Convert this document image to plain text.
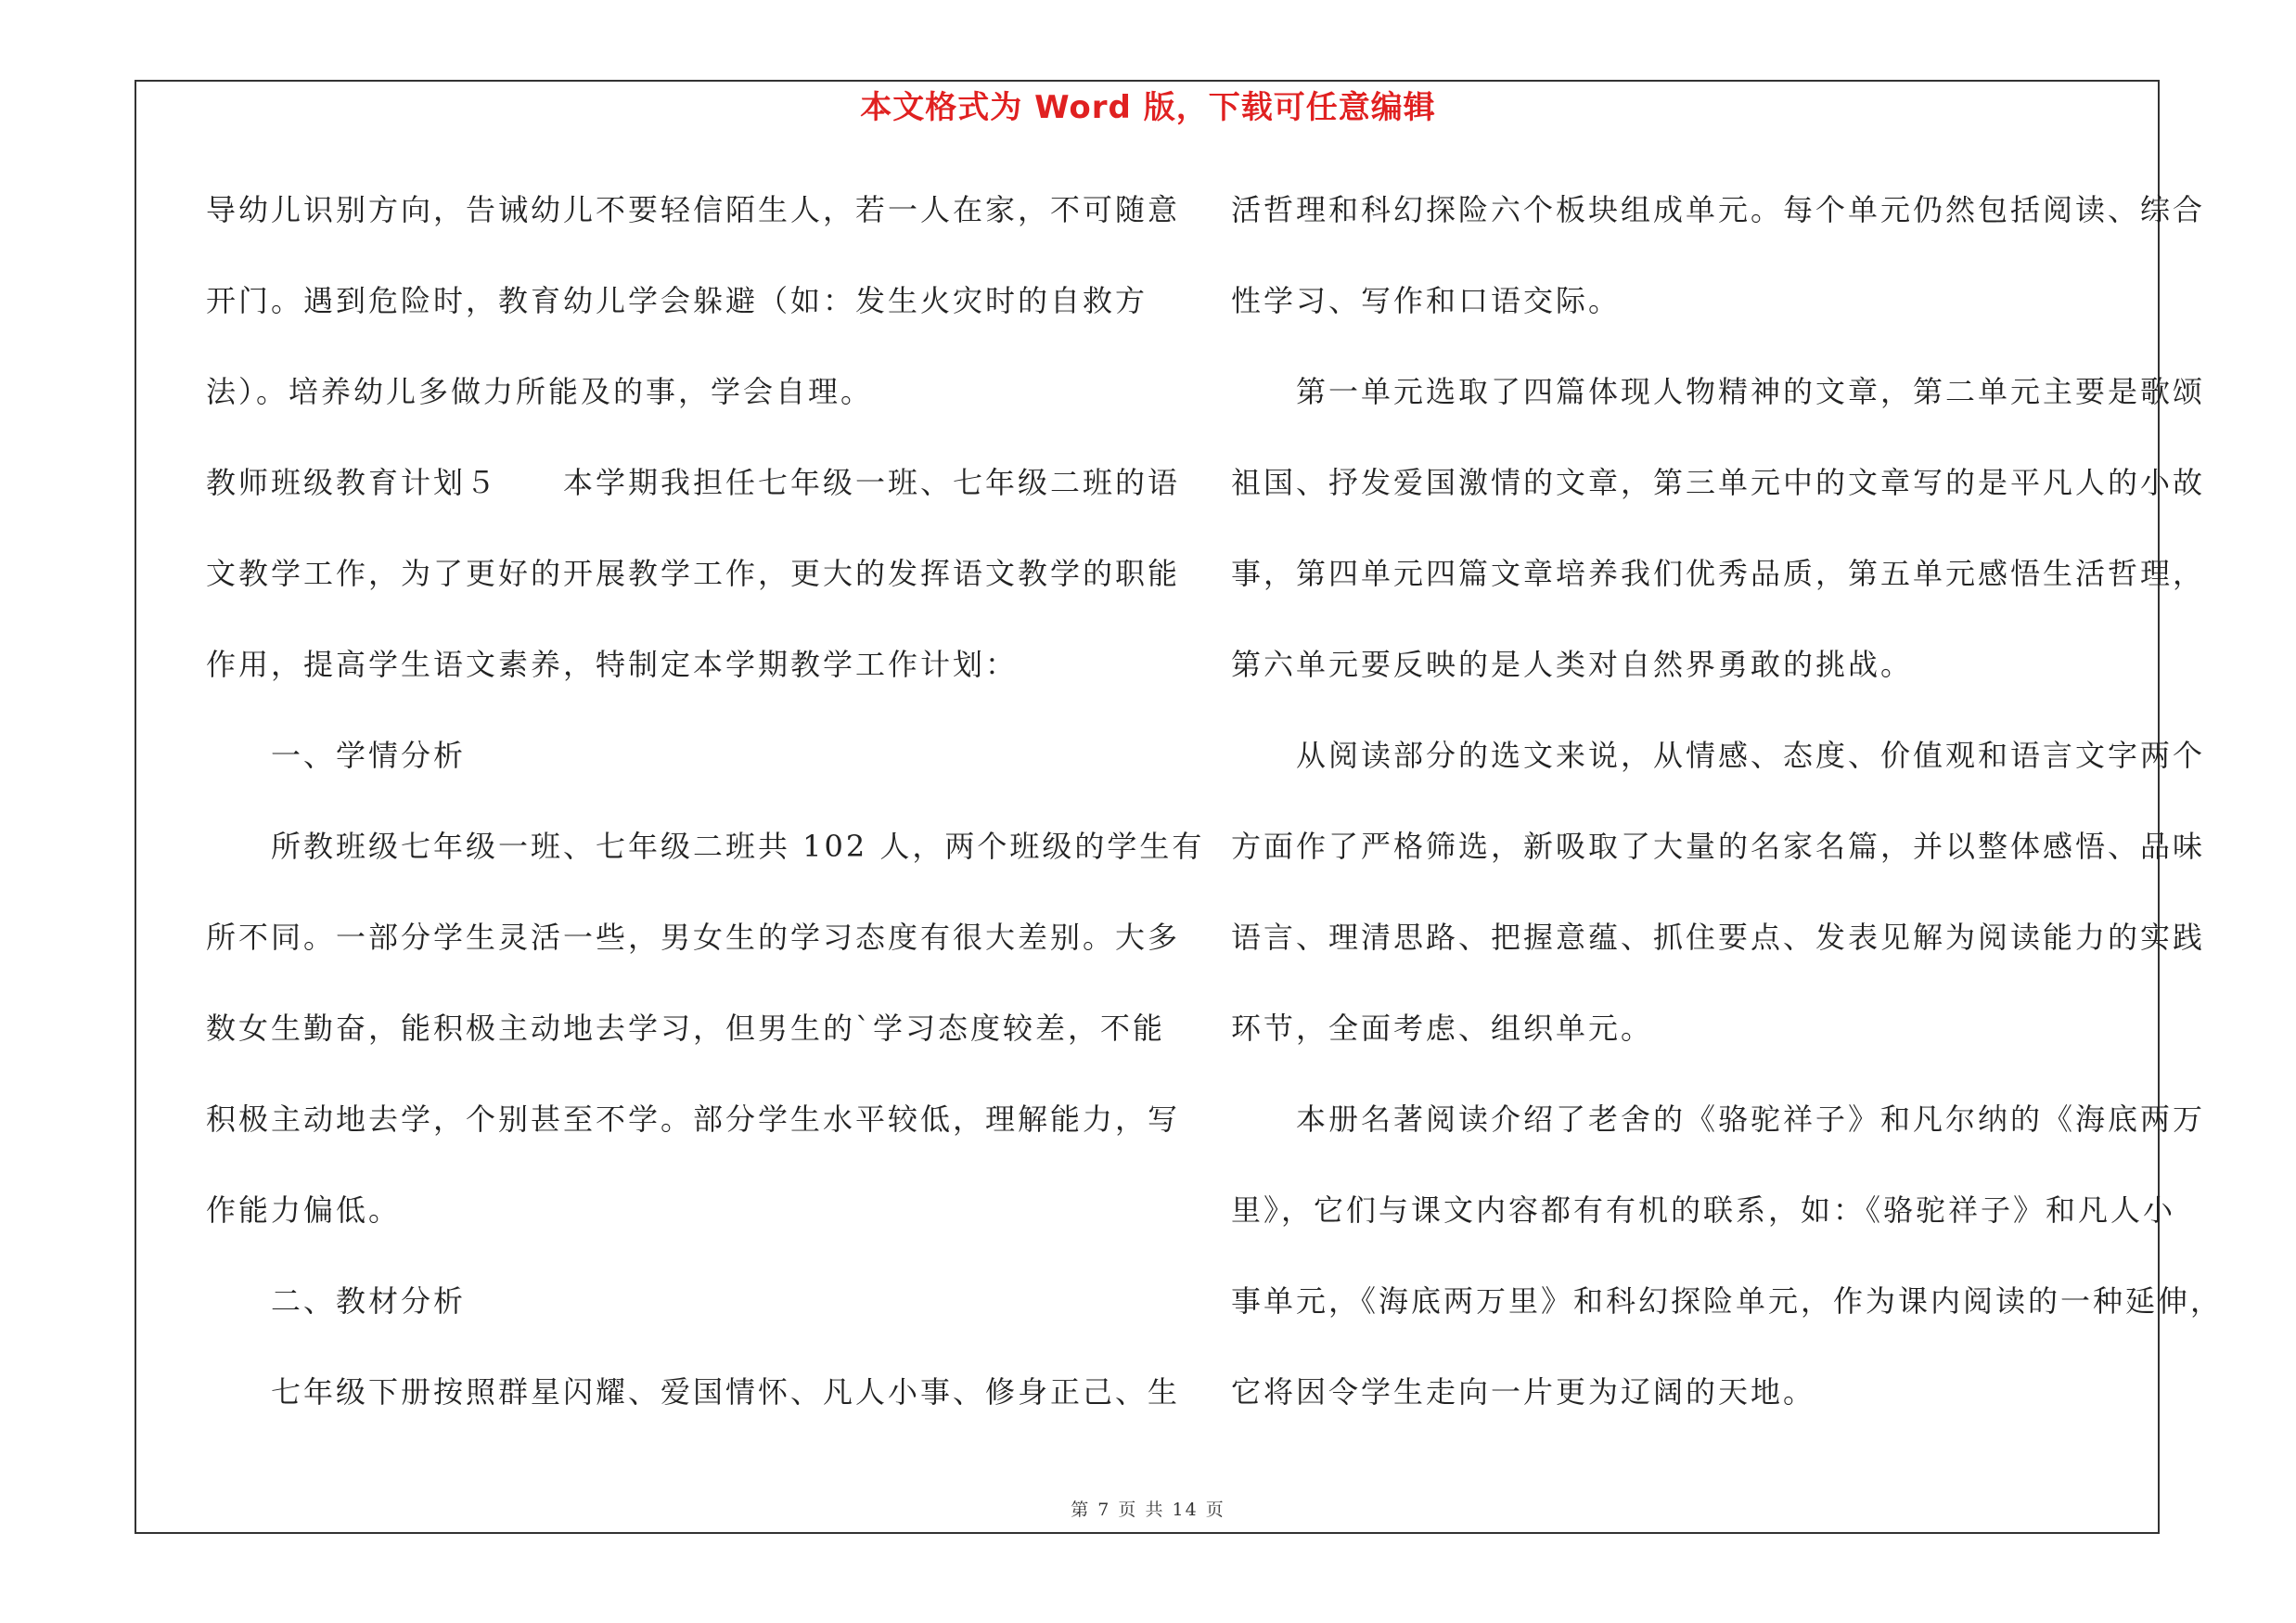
本文格式为 Word 版，下载可任意编辑
导幼儿识别方向，告诫幼儿不要轻信陌生人，若一人在家，不可随意
开门。遇到危险时，教育幼儿学会躲避（如：发生火灾时的自救方
法）。培养幼儿多做力所能及的事，学会自理。
教师班级教育计划５　　本学期我担任七年级一班、七年级二班的语
文教学工作，为了更好的开展教学工作，更大的发挥语文教学的职能
作用，提高学生语文素养，特制定本学期教学工作计划：
　　一、学情分析
　　所教班级七年级一班、七年级二班共 102 人，两个班级的学生有
所不同。一部分学生灵活一些，男女生的学习态度有很大差别。大多
数女生勤奋，能积极主动地去学习，但男生的`学习态度较差，不能
积极主动地去学，个别甚至不学。部分学生水平较低，理解能力，写
作能力偏低。
　　二、教材分析
　　七年级下册按照群星闪耀、爱国情怀、凡人小事、修身正己、生
活哲理和科幻探险六个板块组成单元。每个单元仍然包括阅读、综合
性学习、写作和口语交际。
　　第一单元选取了四篇体现人物精神的文章，第二单元主要是歌颂
祖国、抒发爱国激情的文章，第三单元中的文章写的是平凡人的小故
事，第四单元四篇文章培养我们优秀品质，第五单元感悟生活哲理，
第六单元要反映的是人类对自然界勇敢的挑战。
　　从阅读部分的选文来说，从情感、态度、价值观和语言文字两个
方面作了严格筛选，新吸取了大量的名家名篇，并以整体感悟、品味
语言、理清思路、把握意蕴、抓住要点、发表见解为阅读能力的实践
环节，全面考虑、组织单元。
　　本册名著阅读介绍了老舍的《骆驼祥子》和凡尔纳的《海底两万
里》，它们与课文内容都有有机的联系，如：《骆驼祥子》和凡人小
事单元，《海底两万里》和科幻探险单元，作为课内阅读的一种延伸，
它将因令学生走向一片更为辽阔的天地。
第 7 页 共 14 页
